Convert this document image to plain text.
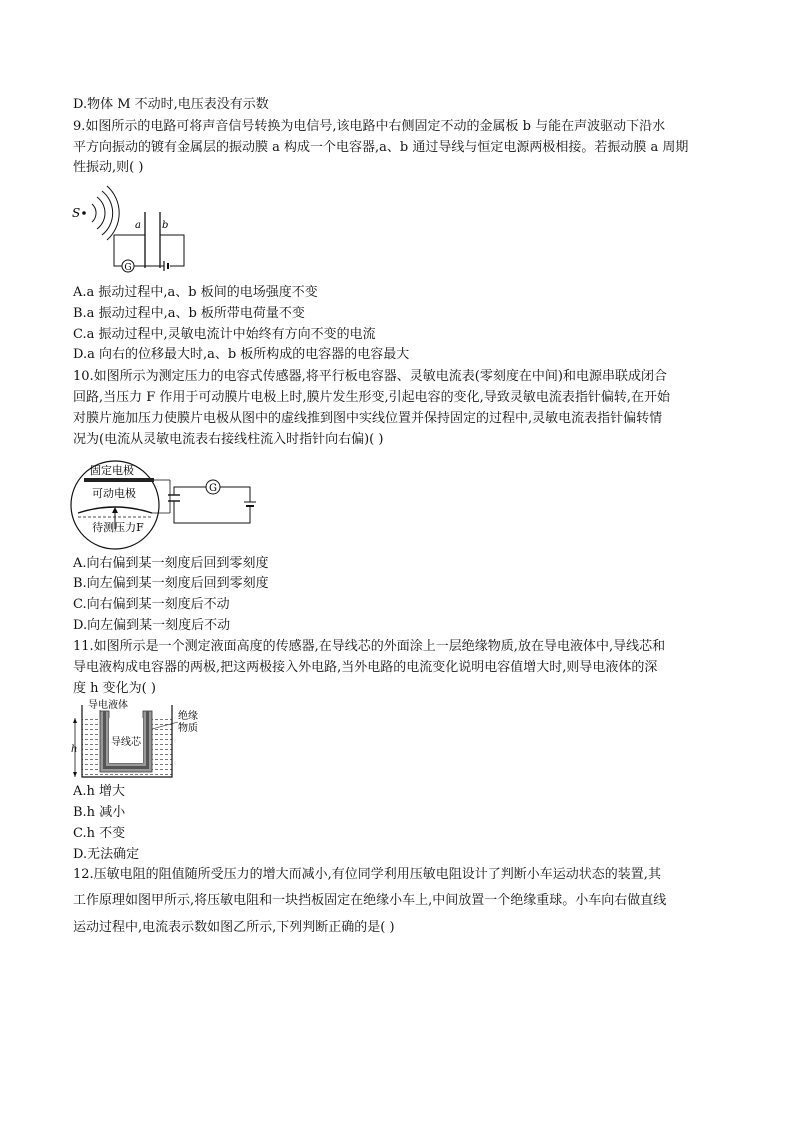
D.物体 M 不动时,电压表没有示数
9.如图所示的电路可将声音信号转换为电信号,该电路中右侧固定不动的金属板 b 与能在声波驱动下沿水
平方向振动的镀有金属层的振动膜 a 构成一个电容器,a、b 通过导线与恒定电源两极相接。若振动膜 a 周期
性振动,则( )
S
a b
G
A.a 振动过程中,a、b 板间的电场强度不变
B.a 振动过程中,a、b 板所带电荷量不变
C.a 振动过程中,灵敏电流计中始终有方向不变的电流
D.a 向右的位移最大时,a、b 板所构成的电容器的电容最大
10.如图所示为测定压力的电容式传感器,将平行板电容器、灵敏电流表(零刻度在中间)和电源串联成闭合
回路,当压力 F 作用于可动膜片电极上时,膜片发生形变,引起电容的变化,导致灵敏电流表指针偏转,在开始
对膜片施加压力使膜片电极从图中的虚线推到图中实线位置并保持固定的过程中,灵敏电流表指针偏转情
况为(电流从灵敏电流表右接线柱流入时指针向右偏)( )
固定电极
可动电极
待测压力F
G
A.向右偏到某一刻度后回到零刻度
B.向左偏到某一刻度后回到零刻度
C.向右偏到某一刻度后不动
D.向左偏到某一刻度后不动
11.如图所示是一个测定液面高度的传感器,在导线芯的外面涂上一层绝缘物质,放在导电液体中,导线芯和
导电液构成电容器的两极,把这两极接入外电路,当外电路的电流变化说明电容值增大时,则导电液体的深
度 h 变化为( )
导电液体
导线芯
绝缘
物质
h
A.h 增大
B.h 减小
C.h 不变
D.无法确定
12.压敏电阻的阻值随所受压力的增大而减小,有位同学利用压敏电阻设计了判断小车运动状态的装置,其
工作原理如图甲所示,将压敏电阻和一块挡板固定在绝缘小车上,中间放置一个绝缘重球。小车向右做直线
运动过程中,电流表示数如图乙所示,下列判断正确的是( )
